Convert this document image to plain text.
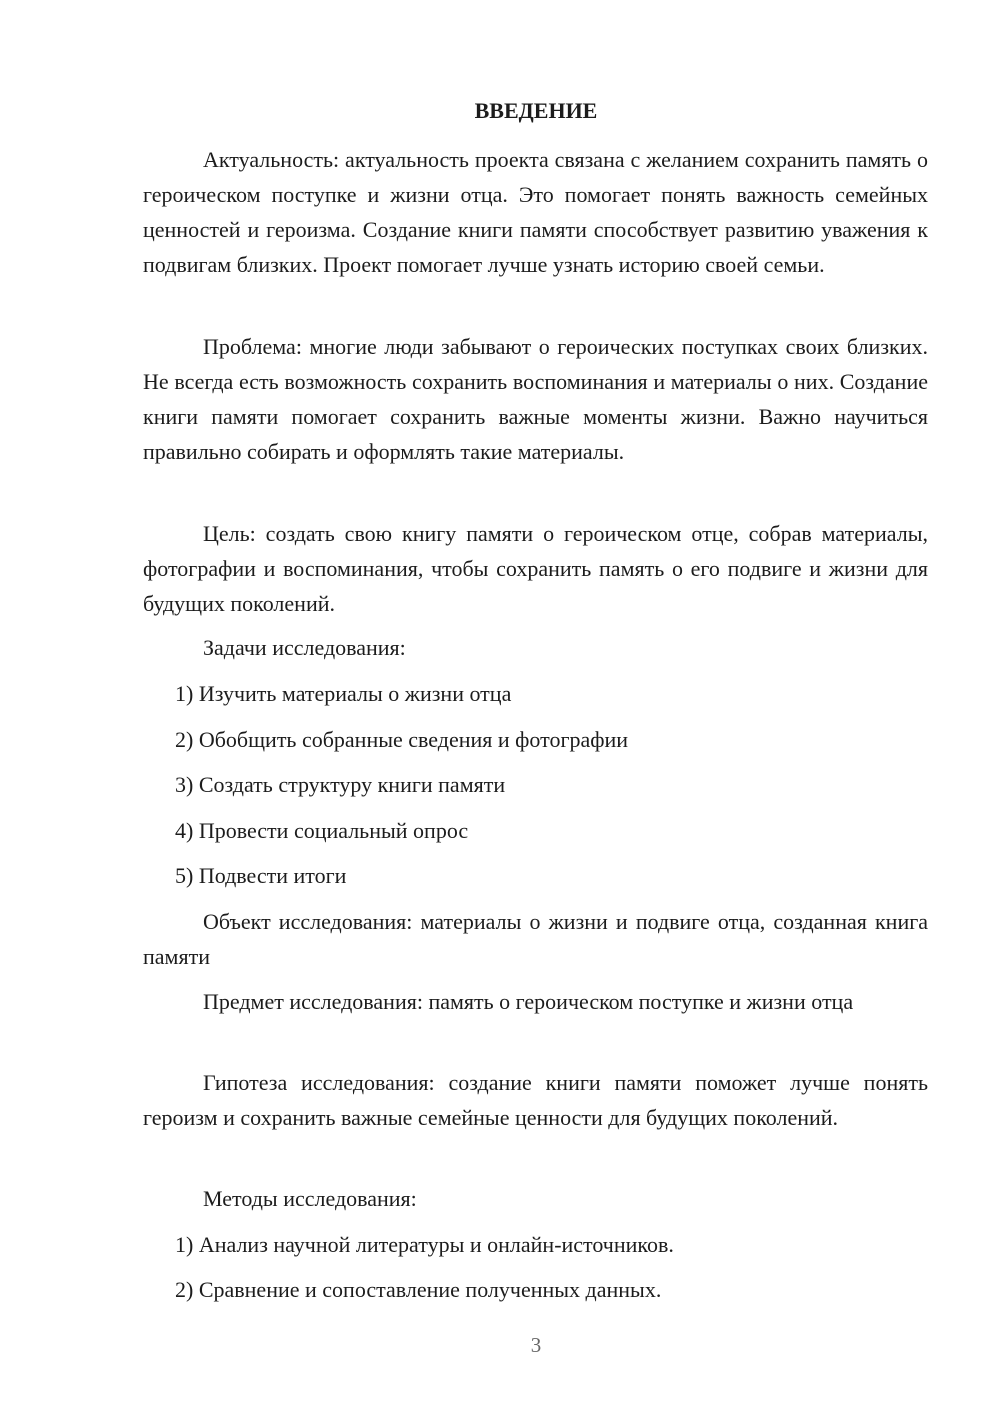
ВВЕДЕНИЕ

Актуальность: актуальность проекта связана с желанием сохранить память о героическом поступке и жизни отца. Это помогает понять важность семейных ценностей и героизма. Создание книги памяти способствует развитию уважения к подвигам близких. Проект помогает лучше узнать историю своей семьи.

Проблема: многие люди забывают о героических поступках своих близких. Не всегда есть возможность сохранить воспоминания и материалы о них. Создание книги памяти помогает сохранить важные моменты жизни. Важно научиться правильно собирать и оформлять такие материалы.

Цель: создать свою книгу памяти о героическом отце, собрав материалы, фотографии и воспоминания, чтобы сохранить память о его подвиге и жизни для будущих поколений.

Задачи исследования:

1) Изучить материалы о жизни отца

2) Обобщить собранные сведения и фотографии

3) Создать структуру книги памяти

4) Провести социальный опрос

5) Подвести итоги

Объект исследования: материалы о жизни и подвиге отца, созданная книга памяти

Предмет исследования: память о героическом поступке и жизни отца

Гипотеза исследования: создание книги памяти поможет лучше понять героизм и сохранить важные семейные ценности для будущих поколений.

Методы исследования:

1) Анализ научной литературы и онлайн-источников.

2) Сравнение и сопоставление полученных данных.

3
